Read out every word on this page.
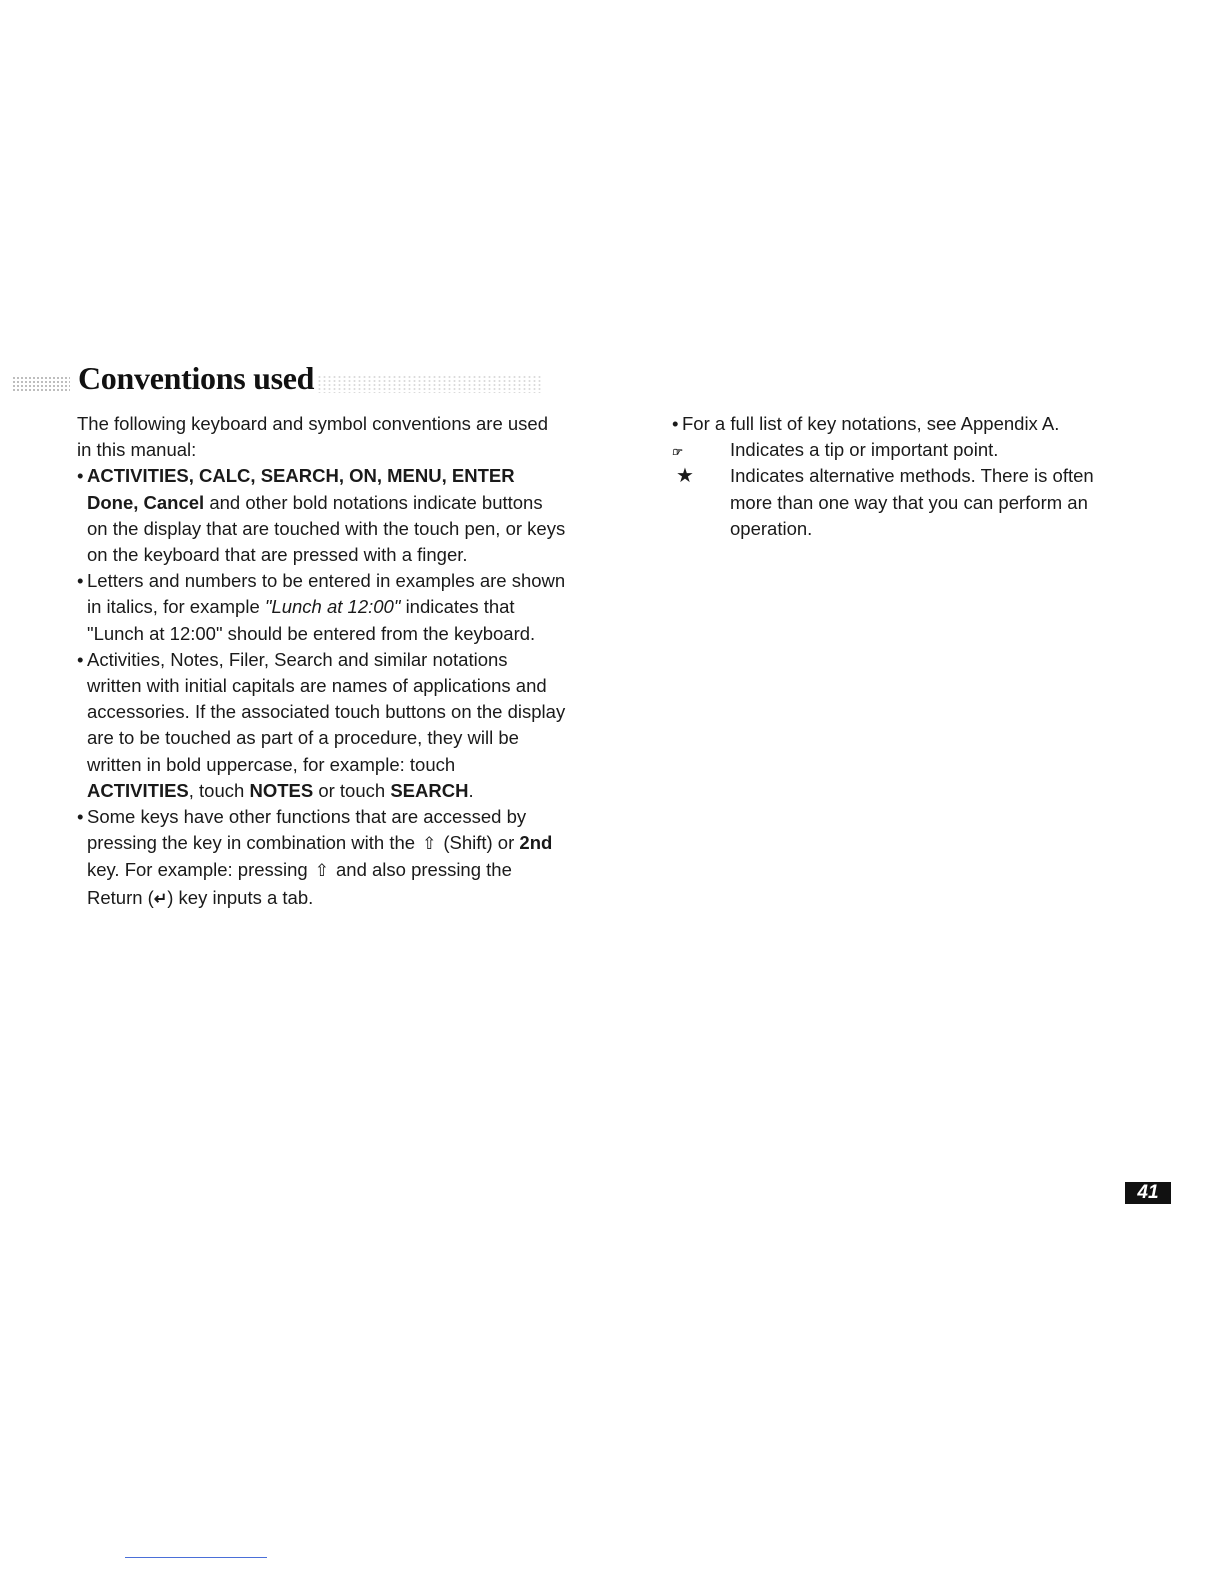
Conventions used

The following keyboard and symbol conventions are used in this manual:

• ACTIVITIES, CALC, SEARCH, ON, MENU, ENTER Done, Cancel and other bold notations indicate buttons on the display that are touched with the touch pen, or keys on the keyboard that are pressed with a finger.

• Letters and numbers to be entered in examples are shown in italics, for example "Lunch at 12:00" indicates that "Lunch at 12:00" should be entered from the keyboard.

• Activities, Notes, Filer, Search and similar notations written with initial capitals are names of applications and accessories. If the associated touch buttons on the display are to be touched as part of a procedure, they will be written in bold uppercase, for example: touch ACTIVITIES, touch NOTES or touch SEARCH.

• Some keys have other functions that are accessed by pressing the key in combination with the ⇧ (Shift) or 2nd key. For example: pressing ⇧ and also pressing the Return (↵) key inputs a tab.

• For a full list of key notations, see Appendix A.

☞	Indicates a tip or important point.

★	Indicates alternative methods. There is often more than one way that you can perform an operation.

41
